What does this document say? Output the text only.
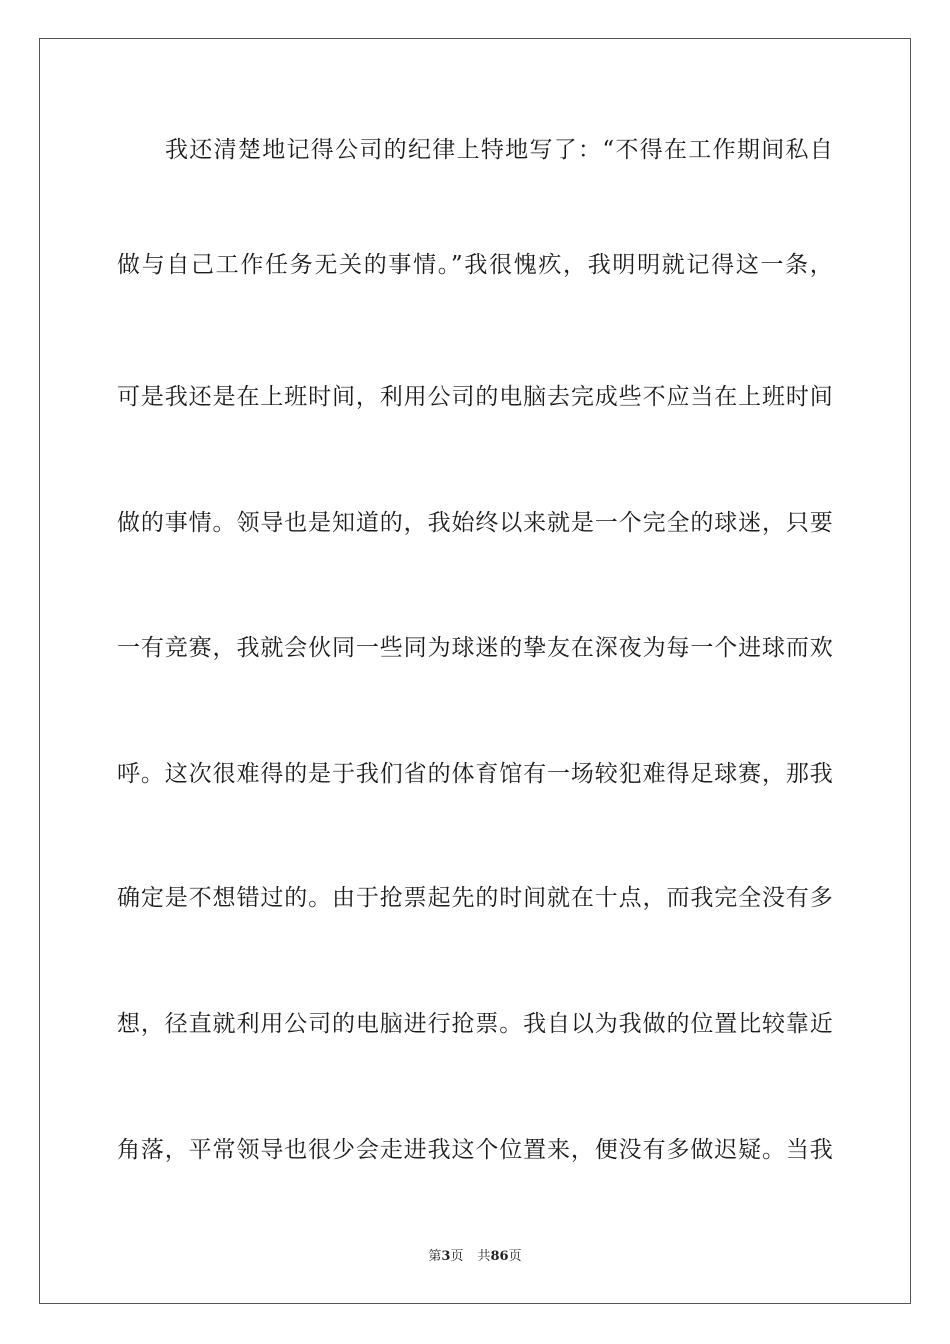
我还清楚地记得公司的纪律上特地写了：“不得在工作期间私自
做与自己工作任务无关的事情。”我很愧疚，我明明就记得这一条，
可是我还是在上班时间，利用公司的电脑去完成些不应当在上班时间
做的事情。领导也是知道的，我始终以来就是一个完全的球迷，只要
一有竞赛，我就会伙同一些同为球迷的挚友在深夜为每一个进球而欢
呼。这次很难得的是于我们省的体育馆有一场较犯难得足球赛，那我
确定是不想错过的。由于抢票起先的时间就在十点，而我完全没有多
想，径直就利用公司的电脑进行抢票。我自以为我做的位置比较靠近
角落，平常领导也很少会走进我这个位置来，便没有多做迟疑。当我
第3页 共86页
